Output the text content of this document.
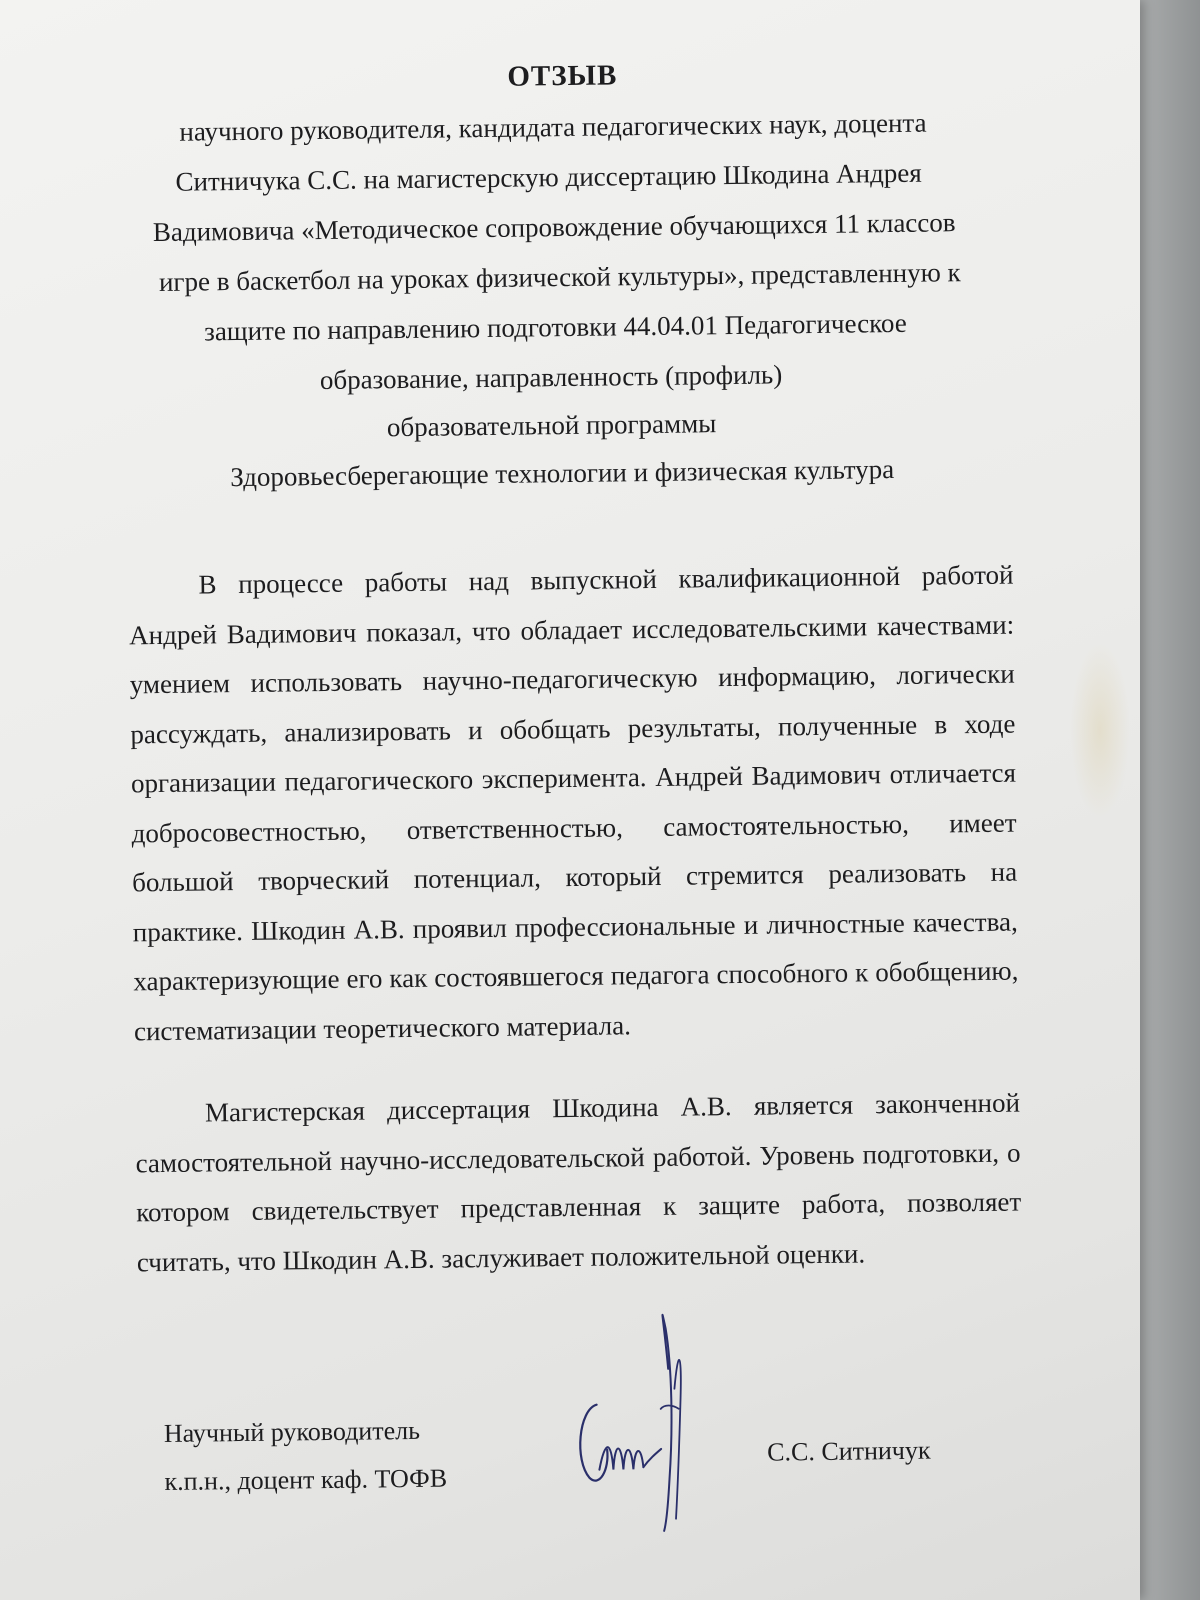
ОТЗЫВ
научного руководителя, кандидата педагогических наук, доцента
Ситничука С.С. на магистерскую диссертацию Шкодина Андрея
Вадимовича «Методическое сопровождение обучающихся 11 классов
игре в баскетбол на уроках физической культуры», представленную к
защите по направлению подготовки 44.04.01 Педагогическое
образование, направленность (профиль)
образовательной программы
Здоровьесберегающие технологии и физическая культура
В процессе работы над выпускной квалификационной работой Андрей Вадимович показал, что обладает исследовательскими качествами: умением использовать научно-педагогическую информацию, логически рассуждать, анализировать и обобщать результаты, полученные в ходе организации педагогического эксперимента. Андрей Вадимович отличается добросовестностью, ответственностью, самостоятельностью, имеет большой творческий потенциал, который стремится реализовать на практике. Шкодин А.В. проявил профессиональные и личностные качества, характеризующие его как состоявшегося педагога способного к обобщению, систематизации теоретического материала.
Магистерская диссертация Шкодина А.В. является законченной самостоятельной научно-исследовательской работой. Уровень подготовки, о котором свидетельствует представленная к защите работа, позволяет считать, что Шкодин А.В. заслуживает положительной оценки.
Научный руководитель
к.п.н., доцент каф. ТОФВ
С.С. Ситничук
